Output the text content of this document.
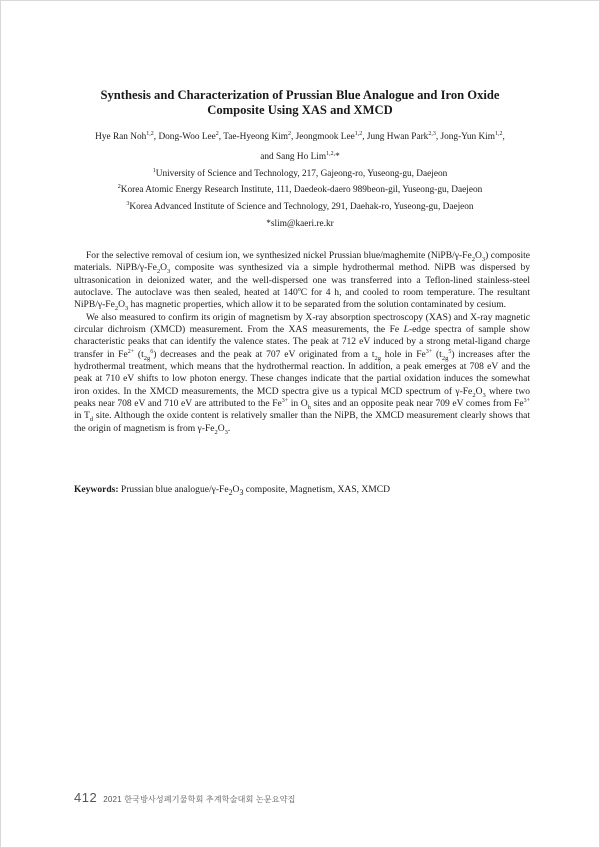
Synthesis and Characterization of Prussian Blue Analogue and Iron Oxide
Composite Using XAS and XMCD
Hye Ran Noh$^{1,2}$, Dong-Woo Lee$^2$, Tae-Hyeong Kim$^2$, Jeongmook Lee$^{1,2}$, Jung Hwan Park$^{2,3}$, Jong-Yun Kim$^{1,2}$,
and Sang Ho Lim$^{1,2,}$*
$^1$University of Science and Technology, 217, Gajeong-ro, Yuseong-gu, Daejeon
$^2$Korea Atomic Energy Research Institute, 111, Daedeok-daero 989beon-gil, Yuseong-gu, Daejeon
$^3$Korea Advanced Institute of Science and Technology, 291, Daehak-ro, Yuseong-gu, Daejeon
*slim@kaeri.re.kr

For the selective removal of cesium ion, we synthesized nickel Prussian blue/maghemite $(NiPB/\gamma-Fe_2O_3)$ composite materials. NiPB/$\gamma-Fe_2O_3$ composite was synthesized via a simple hydrothermal method. NiPB was dispersed by ultrasonication in deionized water, and the well-dispersed one was transferred into a Teflon-lined stainless-steel autoclave. The autoclave was then sealed, heated at 140$^o$C for 4 h, and cooled to room temperature. The resultant NiPB/$\gamma-Fe_2O_3$ has magnetic properties, which allow it to be separated from the solution contaminated by cesium.

We also measured to confirm its origin of magnetism by X-ray absorption spectroscopy (XAS) and X-ray magnetic circular dichroism (XMCD) measurement. From the XAS measurements, the Fe L-edge spectra of sample show characteristic peaks that can identify the valence states. The peak at 712 eV induced by a strong metal-ligand charge transfer in $Fe^{2+}$ $(t_{2g}^6)$ decreases and the peak at 707 eV originated from a $t_{2g}$ hole in $Fe^{3+}$ $(t_{2g}^5)$ increases after the hydrothermal treatment, which means that the hydrothermal reaction. In addition, a peak emerges at 708 eV and the peak at 710 eV shifts to low photon energy. These changes indicate that the partial oxidation induces the somewhat iron oxides. In the XMCD measurements, the MCD spectra give us a typical MCD spectrum of $\gamma-Fe_2O_3$ where two peaks near 708 eV and 710 eV are attributed to the $Fe^{3+}$ in $O_h$ sites and an opposite peak near 709 eV comes from $Fe^{3+}$ in $T_d$ site. Although the oxide content is relatively smaller than the NiPB, the XMCD measurement clearly shows that the origin of magnetism is from $\gamma-Fe_2O_3$.

Keywords: Prussian blue analogue/$\gamma-Fe_2O_3$ composite, Magnetism, XAS, XMCD
412 2021 한국방사성폐기물학회 추계학술대회 논문요약집
